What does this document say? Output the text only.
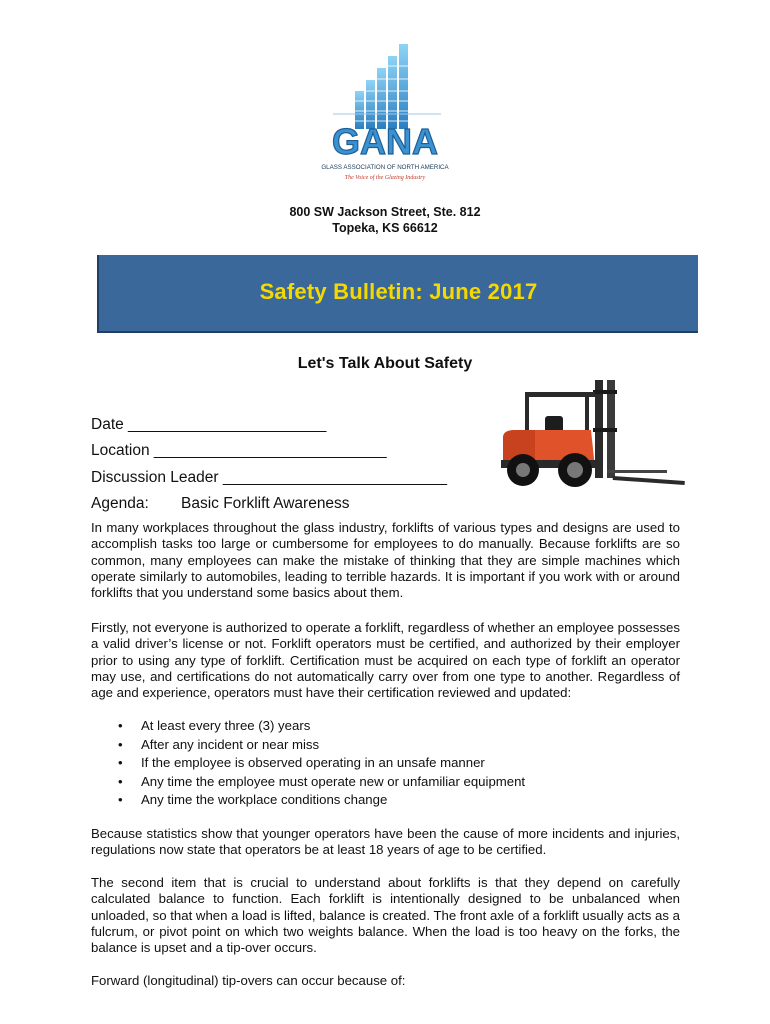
GANA
GLASS ASSOCIATION OF NORTH AMERICA
The Voice of the Glazing Industry
800 SW Jackson Street, Ste. 812
Topeka, KS 66612
Safety Bulletin: June 2017
Let's Talk About Safety
Date _______________________
Location ___________________________
Discussion Leader __________________________
Agenda: Basic Forklift Awareness

In many workplaces throughout the glass industry, forklifts of various types and designs are used to accomplish tasks too large or cumbersome for employees to do manually. Because forklifts are so common, many employees can make the mistake of thinking that they are simple machines which operate similarly to automobiles, leading to terrible hazards. It is important if you work with or around forklifts that you understand some basics about them.

Firstly, not everyone is authorized to operate a forklift, regardless of whether an employee possesses a valid driver’s license or not. Forklift operators must be certified, and authorized by their employer prior to using any type of forklift. Certification must be acquired on each type of forklift an operator may use, and certifications do not automatically carry over from one type to another. Regardless of age and experience, operators must have their certification reviewed and updated:

• At least every three (3) years
• After any incident or near miss
• If the employee is observed operating in an unsafe manner
• Any time the employee must operate new or unfamiliar equipment
• Any time the workplace conditions change

Because statistics show that younger operators have been the cause of more incidents and injuries, regulations now state that operators be at least 18 years of age to be certified.

The second item that is crucial to understand about forklifts is that they depend on carefully calculated balance to function. Each forklift is intentionally designed to be unbalanced when unloaded, so that when a load is lifted, balance is created. The front axle of a forklift usually acts as a fulcrum, or pivot point on which two weights balance. When the load is too heavy on the forks, the balance is upset and a tip-over occurs.

Forward (longitudinal) tip-overs can occur because of:
